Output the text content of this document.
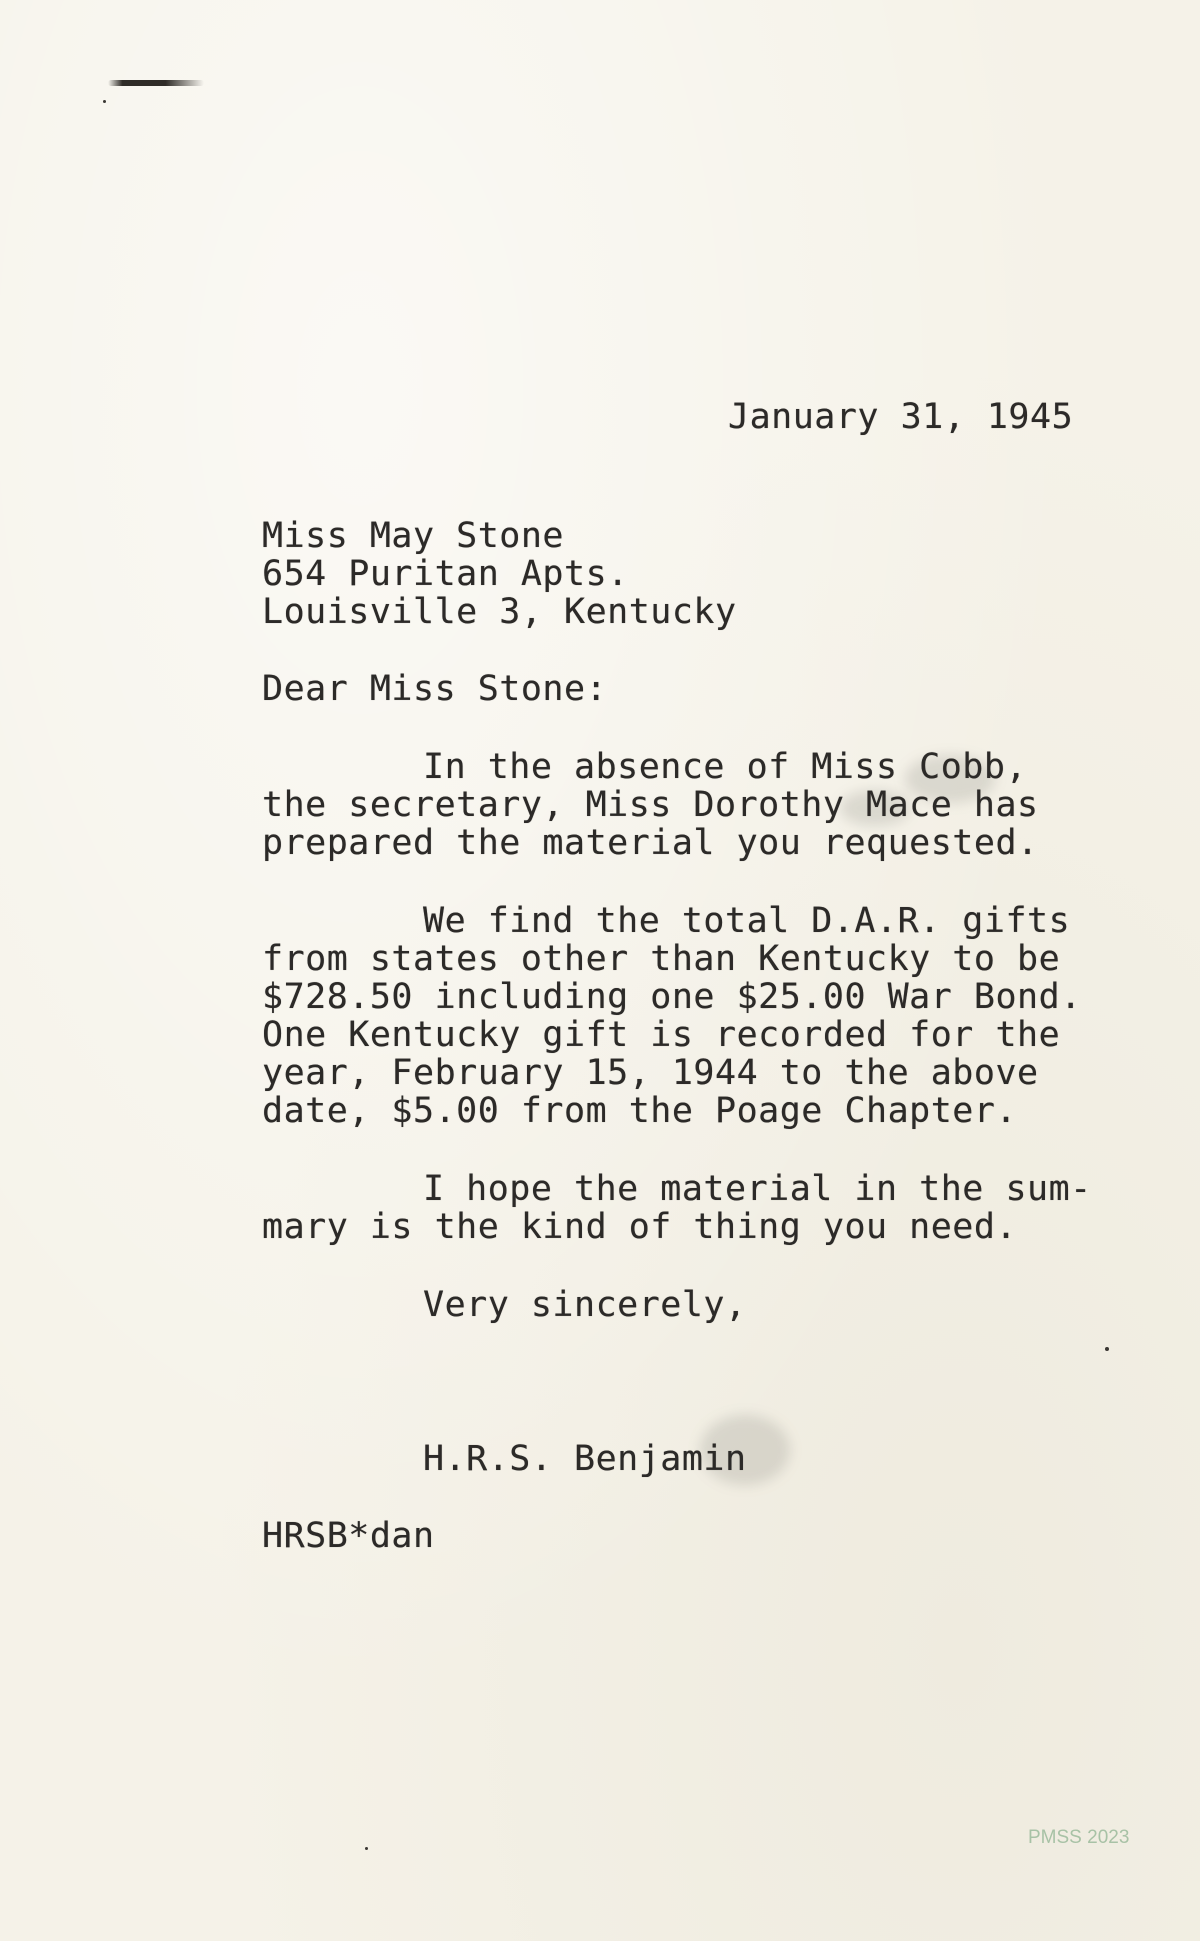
January 31, 1945
Miss May Stone
654 Puritan Apts.
Louisville 3, Kentucky
Dear Miss Stone:
In the absence of Miss Cobb,
the secretary, Miss Dorothy Mace has
prepared the material you requested.
We find the total D.A.R. gifts
from states other than Kentucky to be
$728.50 including one $25.00 War Bond.
One Kentucky gift is recorded for the
year, February 15, 1944 to the above
date, $5.00 from the Poage Chapter.
I hope the material in the sum-
mary is the kind of thing you need.
Very sincerely,
H.R.S. Benjamin
HRSB*dan
PMSS 2023
